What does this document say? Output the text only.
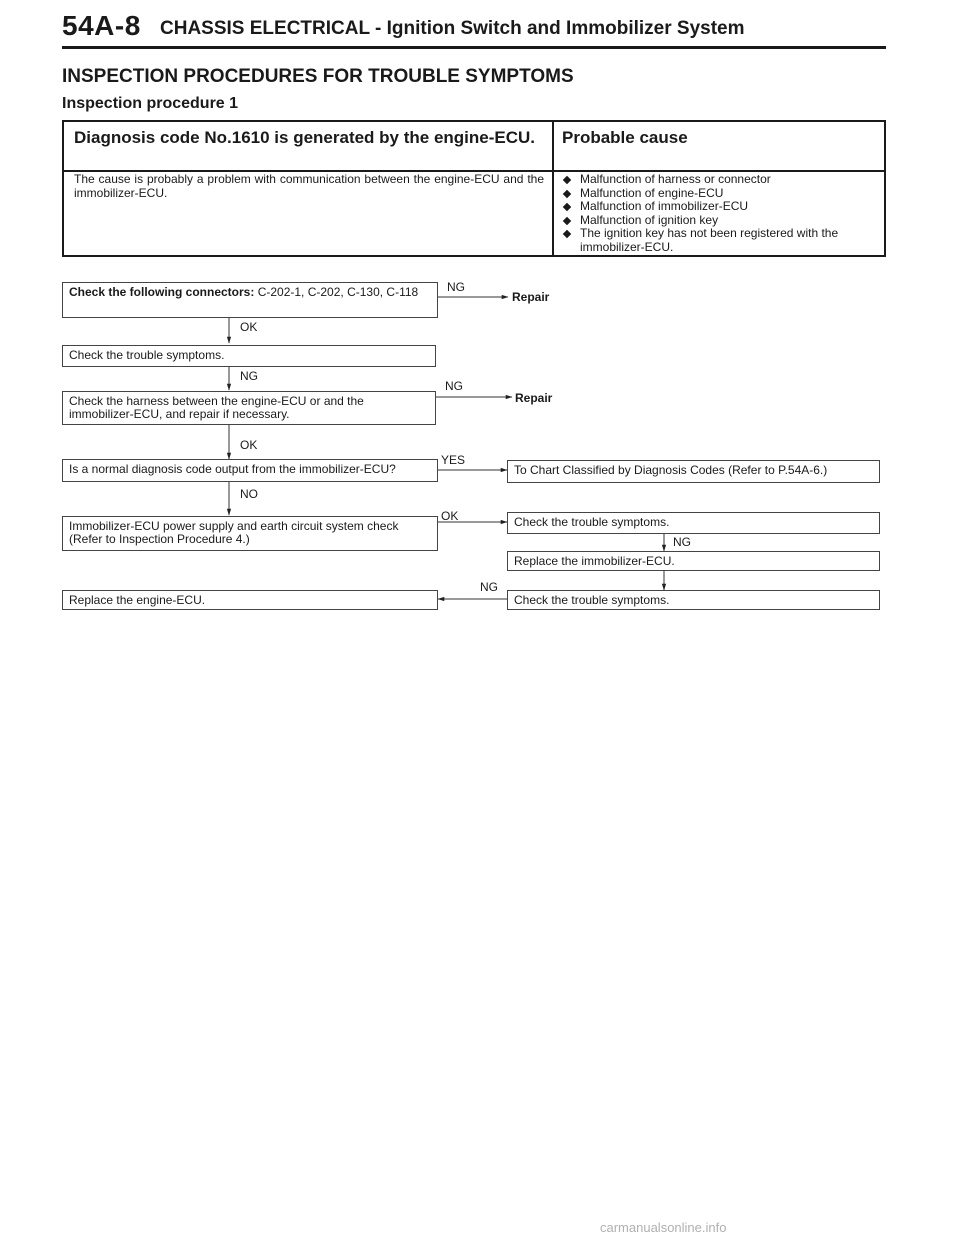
54A-8 CHASSIS ELECTRICAL - Ignition Switch and Immobilizer System
INSPECTION PROCEDURES FOR TROUBLE SYMPTOMS
Inspection procedure 1
Diagnosis code No.1610 is generated by the engine-ECU.	Probable cause
The cause is probably a problem with communication between the engine-ECU and the immobilizer-ECU.
Malfunction of harness or connector
Malfunction of engine-ECU
Malfunction of immobilizer-ECU
Malfunction of ignition key
The ignition key has not been registered with the immobilizer-ECU.
Check the following connectors: C-202-1, C-202, C-130, C-118
Check the trouble symptoms.
Check the harness between the engine-ECU or and the immobilizer-ECU, and repair if necessary.
Is a normal diagnosis code output from the immobilizer-ECU?
Immobilizer-ECU power supply and earth circuit system check (Refer to Inspection Procedure 4.)
Replace the engine-ECU.
To Chart Classified by Diagnosis Codes (Refer to P.54A-6.)
Check the trouble symptoms.
Replace the immobilizer-ECU.
Check the trouble symptoms.
Repair
Repair
NG
OK
NG
NG
OK
YES
NO
OK
NG
NG
carmanualsonline.info
